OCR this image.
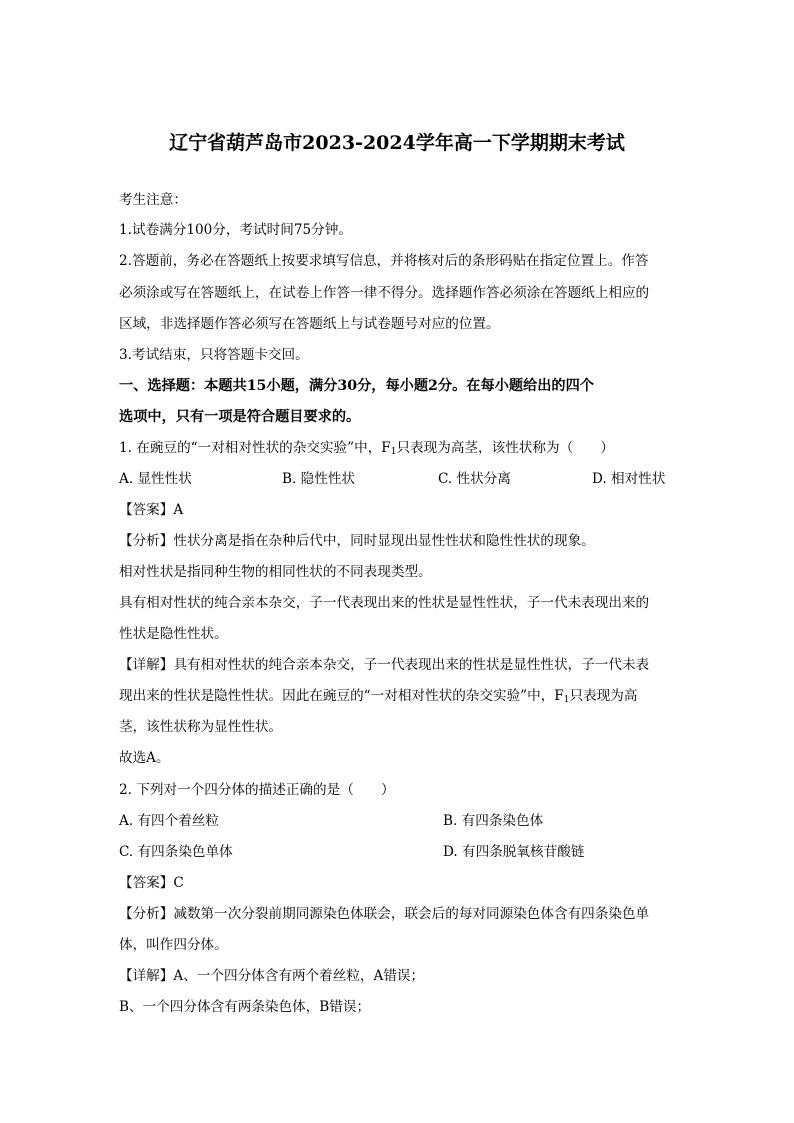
辽宁省葫芦岛市2023-2024学年高一下学期期末考试
考生注意：
1.试卷满分100分，考试时间75分钟。
2.答题前，务必在答题纸上按要求填写信息，并将核对后的条形码贴在指定位置上。作答
必须涂或写在答题纸上，在试卷上作答一律不得分。选择题作答必须涂在答题纸上相应的
区域，非选择题作答必须写在答题纸上与试卷题号对应的位置。
3.考试结束，只将答题卡交回。
一、选择题：本题共15小题，满分30分，每小题2分。在每小题给出的四个
选项中，只有一项是符合题目要求的。
1. 在豌豆的“一对相对性状的杂交实验”中，$F_1$只表现为高茎，该性状称为（　　）
A. 显性性状	B. 隐性性状	C. 性状分离	D. 相对性状
【答案】A
【分析】性状分离是指在杂种后代中，同时显现出显性性状和隐性性状的现象。
相对性状是指同种生物的相同性状的不同表现类型。
具有相对性状的纯合亲本杂交，子一代表现出来的性状是显性性状，子一代未表现出来的
性状是隐性性状。
【详解】具有相对性状的纯合亲本杂交，子一代表现出来的性状是显性性状，子一代未表
现出来的性状是隐性性状。因此在豌豆的“一对相对性状的杂交实验”中，$F_1$只表现为高
茎，该性状称为显性性状。
故选A。
2. 下列对一个四分体的描述正确的是（　　）
A. 有四个着丝粒	B. 有四条染色体
C. 有四条染色单体	D. 有四条脱氧核苷酸链
【答案】C
【分析】减数第一次分裂前期同源染色体联会，联会后的每对同源染色体含有四条染色单
体，叫作四分体。
【详解】A、一个四分体含有两个着丝粒，A错误；
B、一个四分体含有两条染色体，B错误；
